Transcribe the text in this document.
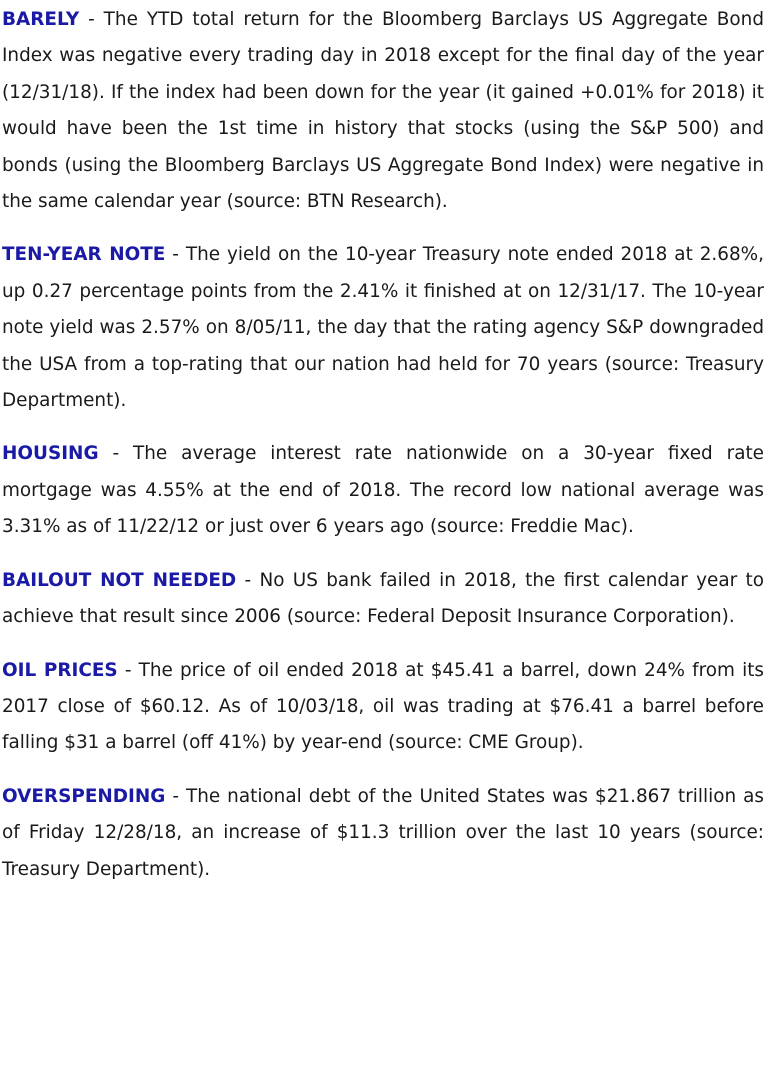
BARELY - The YTD total return for the Bloomberg Barclays US Aggregate Bond Index was negative every trading day in 2018 except for the final day of the year (12/31/18). If the index had been down for the year (it gained +0.01% for 2018) it would have been the 1st time in history that stocks (using the S&P 500) and bonds (using the Bloomberg Barclays US Aggregate Bond Index) were negative in the same calendar year (source: BTN Research).

TEN-YEAR NOTE - The yield on the 10-year Treasury note ended 2018 at 2.68%, up 0.27 percentage points from the 2.41% it finished at on 12/31/17. The 10-year note yield was 2.57% on 8/05/11, the day that the rating agency S&P downgraded the USA from a top-rating that our nation had held for 70 years (source: Treasury Department).

HOUSING - The average interest rate nationwide on a 30-year fixed rate mortgage was 4.55% at the end of 2018. The record low national average was 3.31% as of 11/22/12 or just over 6 years ago (source: Freddie Mac).

BAILOUT NOT NEEDED - No US bank failed in 2018, the first calendar year to achieve that result since 2006 (source: Federal Deposit Insurance Corporation).

OIL PRICES - The price of oil ended 2018 at $45.41 a barrel, down 24% from its 2017 close of $60.12. As of 10/03/18, oil was trading at $76.41 a barrel before falling $31 a barrel (off 41%) by year-end (source: CME Group).

OVERSPENDING - The national debt of the United States was $21.867 trillion as of Friday 12/28/18, an increase of $11.3 trillion over the last 10 years (source: Treasury Department).
